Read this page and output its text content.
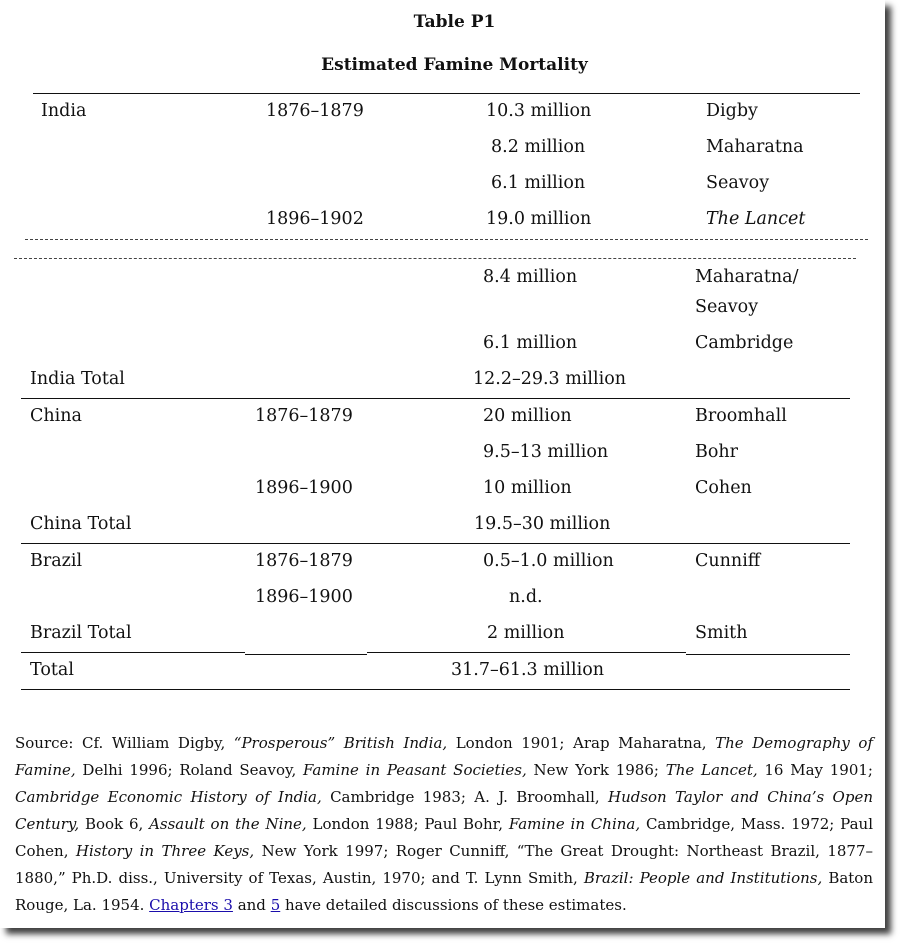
Table P1
Estimated Famine Mortality
India	1876–1879	10.3 million	Digby
8.2 million	Maharatna
6.1 million	Seavoy
1896–1902	19.0 million	The Lancet
8.4 million	Maharatna/
Seavoy
6.1 million	Cambridge
India Total	12.2–29.3 million
China	1876–1879	20 million	Broomhall
9.5–13 million	Bohr
1896–1900	10 million	Cohen
China Total	19.5–30 million
Brazil	1876–1879	0.5–1.0 million	Cunniff
1896–1900	n.d.
Brazil Total	2 million	Smith
Total	31.7–61.3 million
Source: Cf. William Digby, “Prosperous” British India, London 1901; Arap Maharatna, The Demography of Famine, Delhi 1996; Roland Seavoy, Famine in Peasant Societies, New York 1986; The Lancet, 16 May 1901; Cambridge Economic History of India, Cambridge 1983; A. J. Broomhall, Hudson Taylor and China’s Open Century, Book 6, Assault on the Nine, London 1988; Paul Bohr, Famine in China, Cambridge, Mass. 1972; Paul Cohen, History in Three Keys, New York 1997; Roger Cunniff, “The Great Drought: Northeast Brazil, 1877–1880,” Ph.D. diss., University of Texas, Austin, 1970; and T. Lynn Smith, Brazil: People and Institutions, Baton Rouge, La. 1954. Chapters 3 and 5 have detailed discussions of these estimates.
